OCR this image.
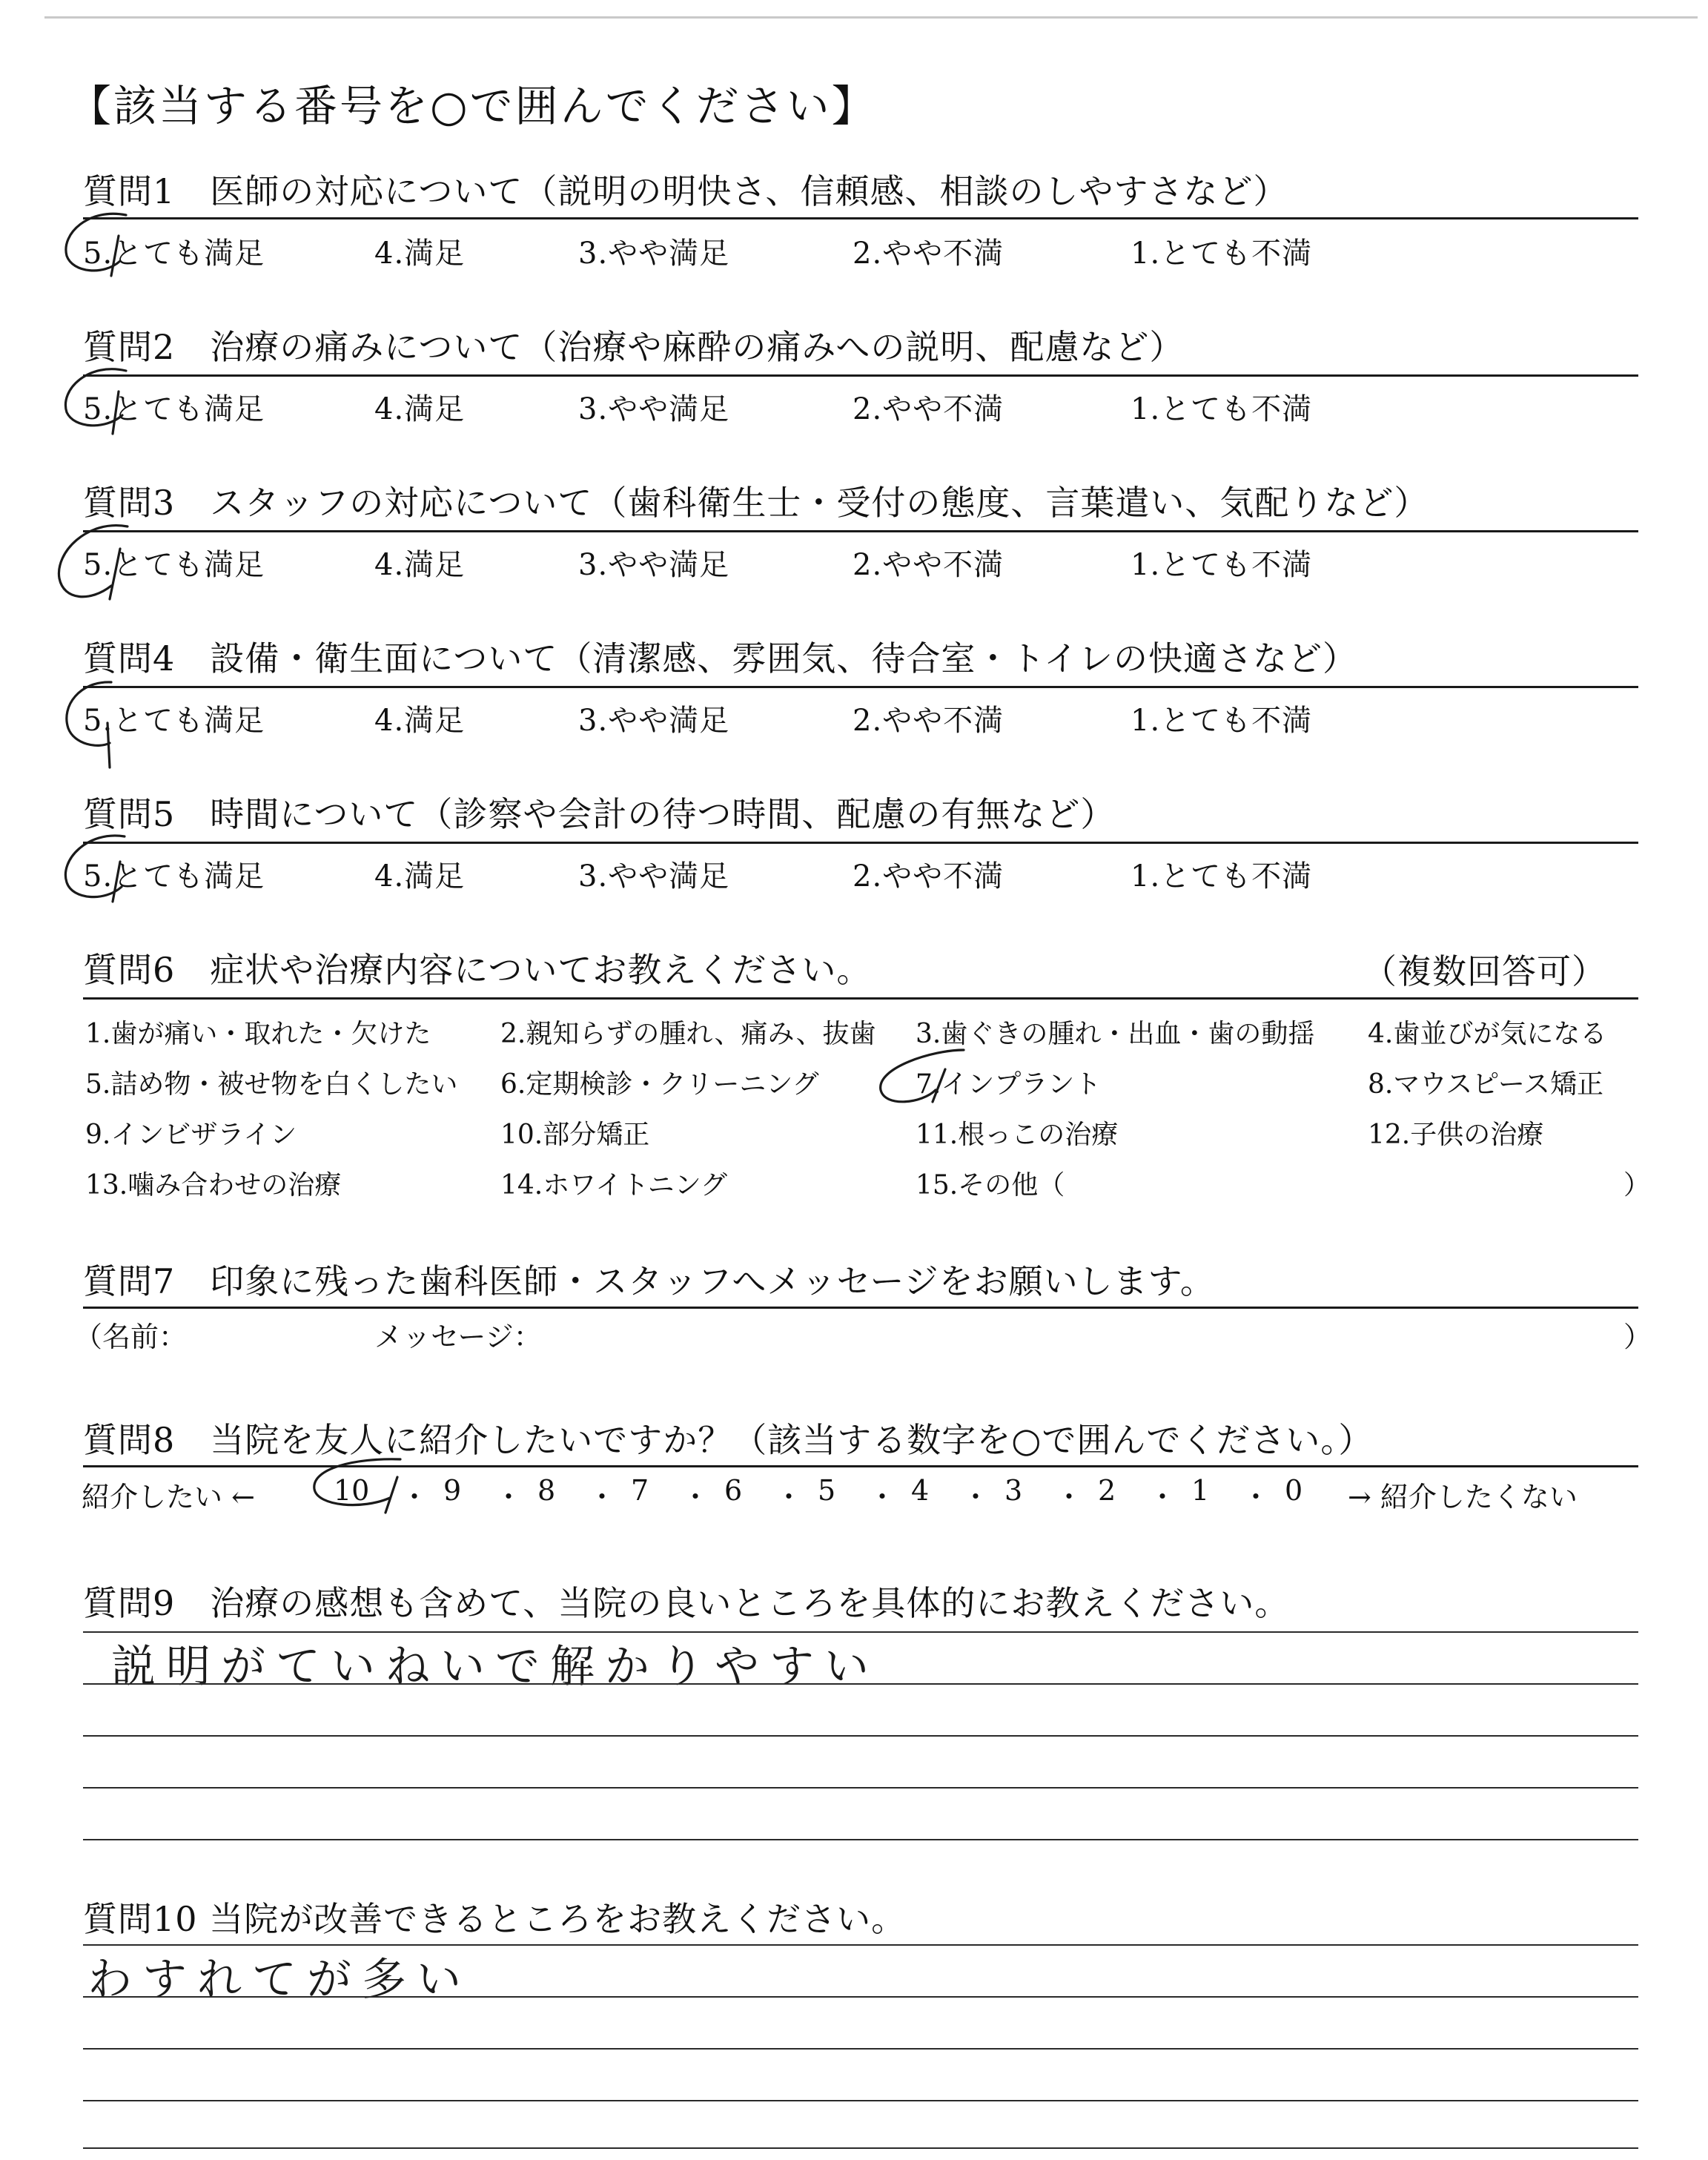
【該当する番号を○で囲んでください】
質問1　医師の対応について（説明の明快さ、信頼感、相談のしやすさなど）
5.とても満足	4.満足	3.やや満足	2.やや不満	1.とても不満
質問2　治療の痛みについて（治療や麻酔の痛みへの説明、配慮など）
5.とても満足	4.満足	3.やや満足	2.やや不満	1.とても不満
質問3　スタッフの対応について（歯科衛生士・受付の態度、言葉遣い、気配りなど）
5.とても満足	4.満足	3.やや満足	2.やや不満	1.とても不満
質問4　設備・衛生面について（清潔感、雰囲気、待合室・トイレの快適さなど）
5.とても満足	4.満足	3.やや満足	2.やや不満	1.とても不満
質問5　時間について（診察や会計の待つ時間、配慮の有無など）
5.とても満足	4.満足	3.やや満足	2.やや不満	1.とても不満
質問6　症状や治療内容についてお教えください。	（複数回答可）
1.歯が痛い・取れた・欠けた	2.親知らずの腫れ、痛み、抜歯 3.歯ぐきの腫れ・出血・歯の動揺 4.歯並びが気になる
5.詰め物・被せ物を白くしたい 6.定期検診・クリーニング	7.インプラント	8.マウスピース矯正
9.インビザライン	10.部分矯正	11.根っこの治療	12.子供の治療
13.噛み合わせの治療	14.ホワイトニング	15.その他（	）
質問7　印象に残った歯科医師・スタッフへメッセージをお願いします。
（名前：	メッセージ：	）
質問8　当院を友人に紹介したいですか？（該当する数字を○で囲んでください。）
紹介したい ←	10 ・ 9 ・ 8 ・ 7 ・ 6 ・ 5 ・ 4 ・ 3 ・ 2 ・ 1 ・ 0 → 紹介したくない
質問9　治療の感想も含めて、当院の良いところを具体的にお教えください。
説明がていねいで解かりやすい
質問10 当院が改善できるところをお教えください。
わすれてが多い
